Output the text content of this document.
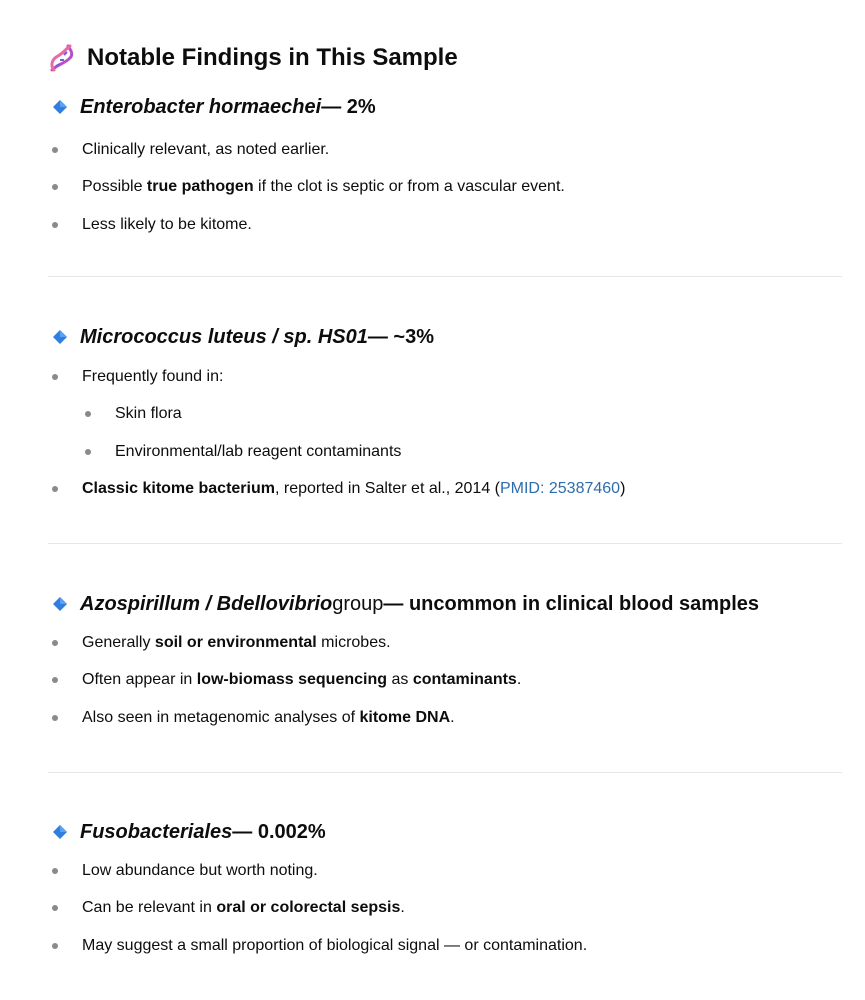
Notable Findings in This Sample
Enterobacter hormaechei — 2%
Clinically relevant, as noted earlier.
Possible true pathogen if the clot is septic or from a vascular event.
Less likely to be kitome.
Micrococcus luteus / sp. HS01 — ~3%
Frequently found in:
Skin flora
Environmental/lab reagent contaminants
Classic kitome bacterium, reported in Salter et al., 2014 (PMID: 25387460)
Azospirillum / Bdellovibrio group — uncommon in clinical blood samples
Generally soil or environmental microbes.
Often appear in low-biomass sequencing as contaminants.
Also seen in metagenomic analyses of kitome DNA.
Fusobacteriales — 0.002%
Low abundance but worth noting.
Can be relevant in oral or colorectal sepsis.
May suggest a small proportion of biological signal — or contamination.
